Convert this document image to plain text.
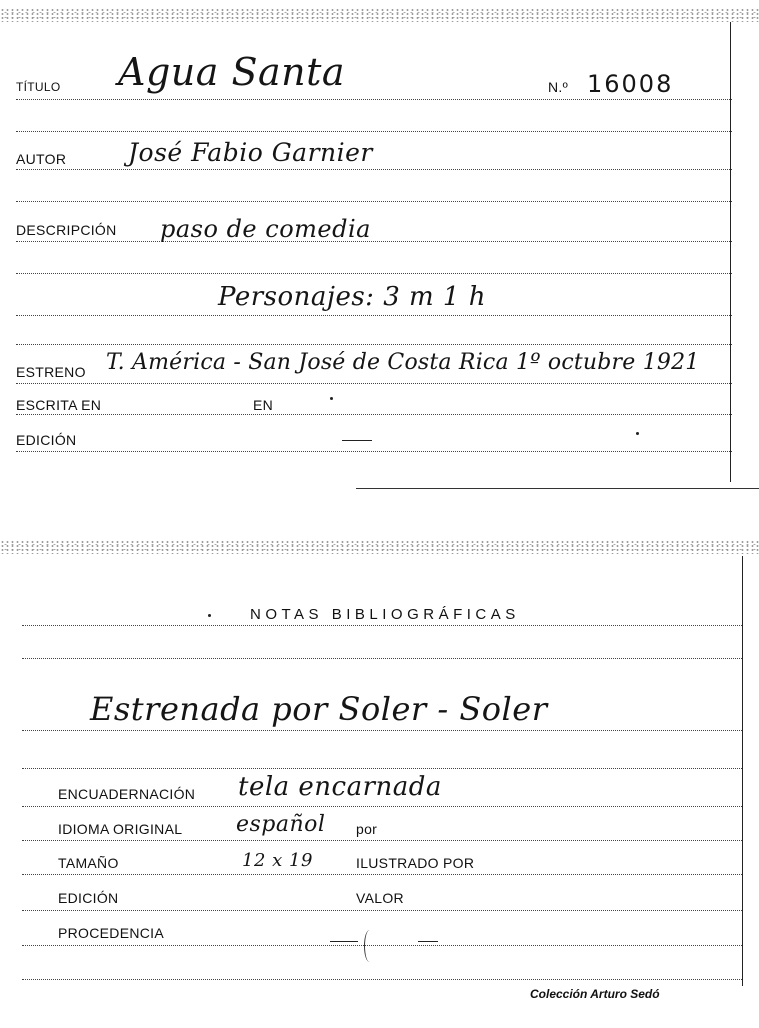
TÍTULO Agua Santa	N.º 16008
AUTOR José Fabio Garnier
DESCRIPCIÓN paso de comedia
Personajes: 3 m 1 h
ESTRENO T. América - San José de Costa Rica 1º octubre 1921
ESCRITA EN	EN
EDICIÓN
NOTAS BIBLIOGRÁFICAS
Estrenada por Soler - Soler
ENCUADERNACIÓN tela encarnada
IDIOMA ORIGINAL español por
TAMAÑO	12 x 19	ILUSTRADO POR
EDICIÓN	VALOR
PROCEDENCIA
Colección Arturo Sedó
